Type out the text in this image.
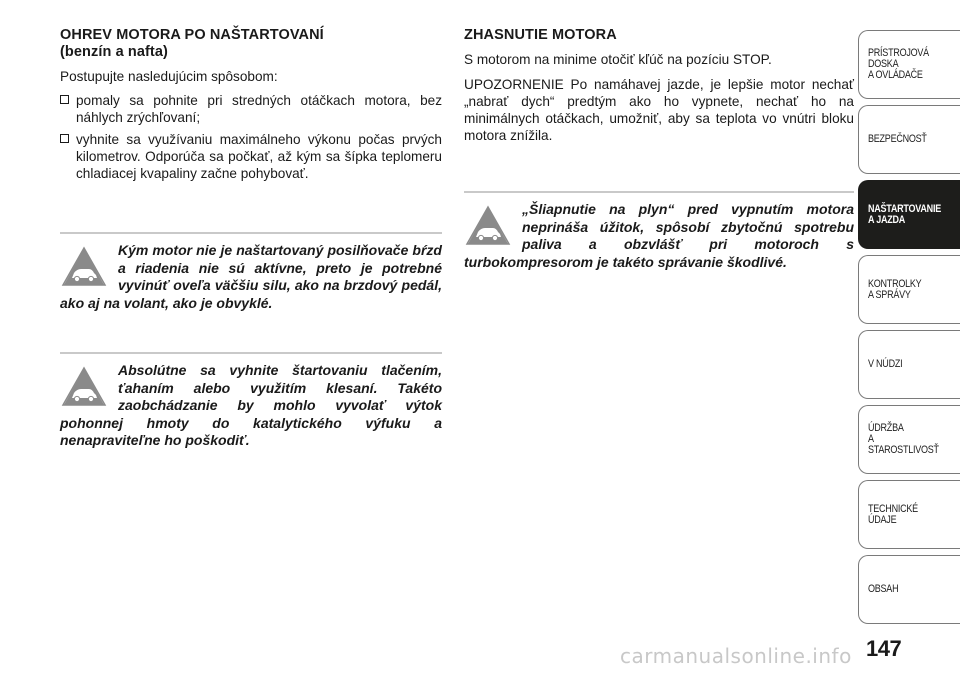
OHREV MOTORA PO NAŠTARTOVANÍ
(benzín a nafta)

Postupujte nasledujúcim spôsobom:

pomaly sa pohnite pri stredných otáčkach motora, bez náhlych zrýchľovaní;
vyhnite sa využívaniu maximálneho výkonu počas prvých kilometrov. Odporúča sa počkať, až kým sa šípka teplomeru chladiacej kvapaliny začne pohybovať.

Kým motor nie je naštartovaný posilňovače bŕzd a riadenia nie sú aktívne, preto je potrebné vyvinúť oveľa väčšiu silu, ako na brzdový pedál, ako aj na volant, ako je obvyklé.

Absolútne sa vyhnite štartovaniu tlačením, ťahaním alebo využitím klesaní. Takéto zaobchádzanie by mohlo vyvolať výtok pohonnej hmoty do katalytického výfuku a nenapraviteľne ho poškodiť.

ZHASNUTIE MOTORA

S motorom na minime otočiť kľúč na pozíciu STOP.

UPOZORNENIE Po namáhavej jazde, je lepšie motor nechať „nabrať dych“ predtým ako ho vypnete, nechať ho na minimálnych otáčkach, umožniť, aby sa teplota vo vnútri bloku motora znížila.

„Šliapnutie na plyn“ pred vypnutím motora neprináša úžitok, spôsobí zbytočnú spotrebu paliva a obzvlášť pri motoroch s turbokompresorom je takéto správanie škodlivé.

PRÍSTROJOVÁ
DOSKA
A OVLÁDAČE
BEZPEČNOSŤ
NAŠTARTOVANIE
A JAZDA
KONTROLKY
A SPRÁVY
V NÚDZI
ÚDRŽBA
A STAROSTLIVOSŤ
TECHNICKÉ ÚDAJE
OBSAH
carmanualsonline.info 147
